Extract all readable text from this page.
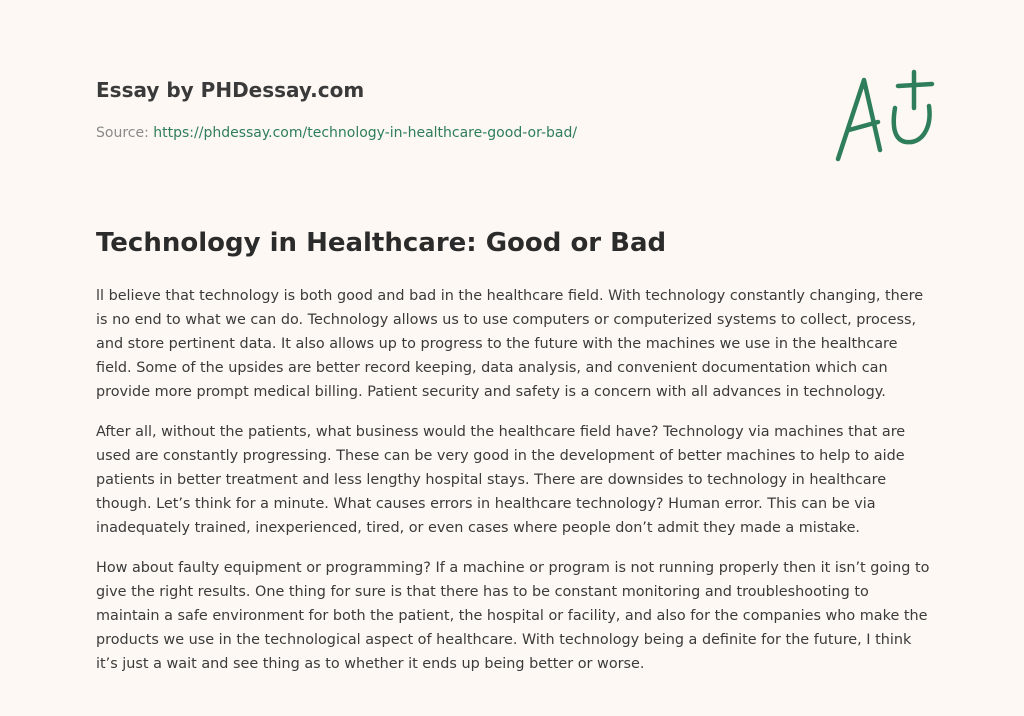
Essay by PHDessay.com
Source: https://phdessay.com/technology-in-healthcare-good-or-bad/
Technology in Healthcare: Good or Bad

ll believe that technology is both good and bad in the healthcare field. With technology constantly changing, there is no end to what we can do. Technology allows us to use computers or computerized systems to collect, process, and store pertinent data. It also allows up to progress to the future with the machines we use in the healthcare field. Some of the upsides are better record keeping, data analysis, and convenient documentation which can provide more prompt medical billing. Patient security and safety is a concern with all advances in technology.

After all, without the patients, what business would the healthcare field have? Technology via machines that are used are constantly progressing. These can be very good in the development of better machines to help to aide patients in better treatment and less lengthy hospital stays. There are downsides to technology in healthcare though. Let’s think for a minute. What causes errors in healthcare technology? Human error. This can be via inadequately trained, inexperienced, tired, or even cases where people don’t admit they made a mistake.

How about faulty equipment or programming? If a machine or program is not running properly then it isn’t going to give the right results. One thing for sure is that there has to be constant monitoring and troubleshooting to maintain a safe environment for both the patient, the hospital or facility, and also for the companies who make the products we use in the technological aspect of healthcare. With technology being a definite for the future, I think it’s just a wait and see thing as to whether it ends up being better or worse.
